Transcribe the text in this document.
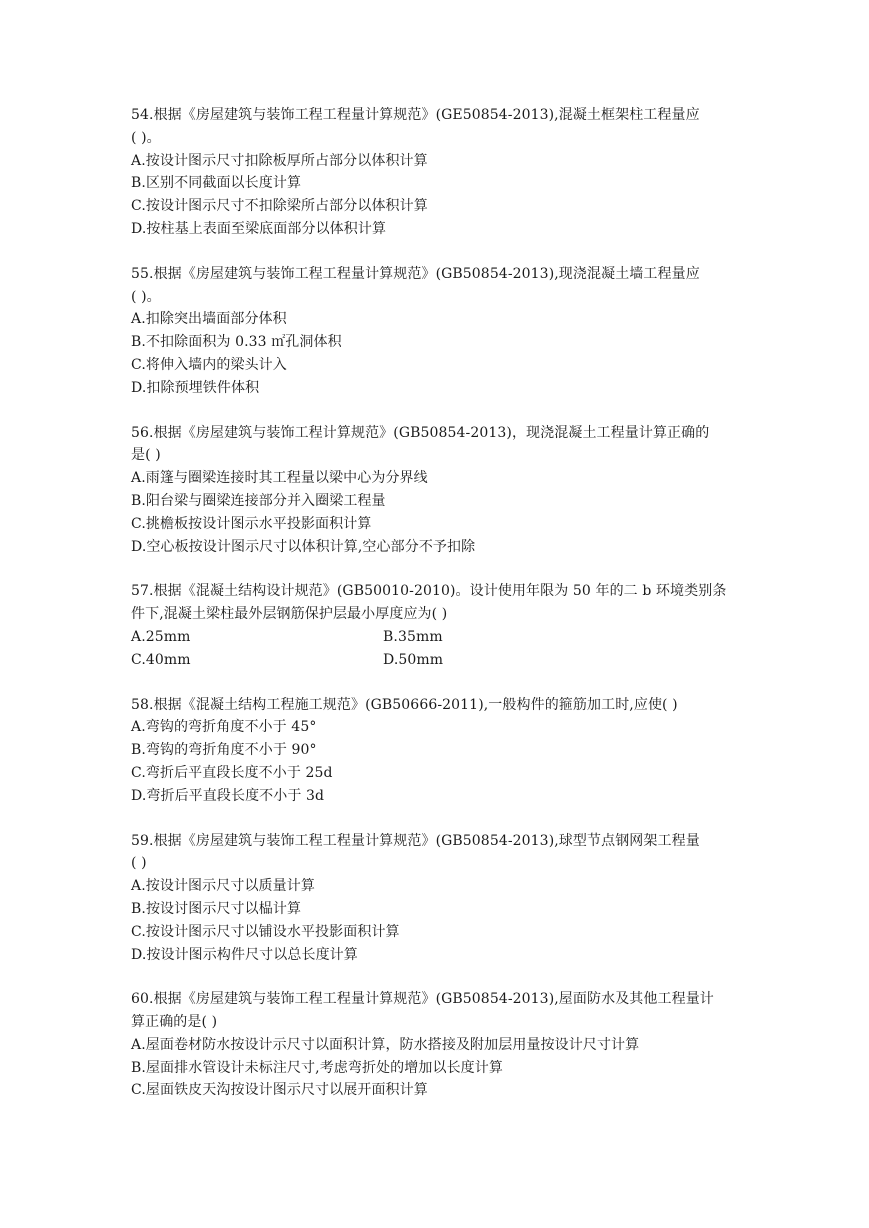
54.根据《房屋建筑与装饰工程工程量计算规范》(GE50854-2013),混凝土框架柱工程量应
( )。
A.按设计图示尺寸扣除板厚所占部分以体积计算
B.区别不同截面以长度计算
C.按设计图示尺寸不扣除梁所占部分以体积计算
D.按柱基上表面至梁底面部分以体积计算
55.根据《房屋建筑与装饰工程工程量计算规范》(GB50854-2013),现浇混凝土墙工程量应
( )。
A.扣除突出墙面部分体积
B.不扣除面积为 0.33 ㎡孔洞体积
C.将伸入墙内的梁头计入
D.扣除预埋铁件体积
56.根据《房屋建筑与装饰工程计算规范》(GB50854-2013)，现浇混凝土工程量计算正确的
是( )
A.雨篷与圈梁连接时其工程量以梁中心为分界线
B.阳台梁与圈梁连接部分并入圈梁工程量
C.挑檐板按设计图示水平投影面积计算
D.空心板按设计图示尺寸以体积计算,空心部分不予扣除
57.根据《混凝土结构设计规范》(GB50010-2010)。设计使用年限为 50 年的二 b 环境类别条
件下,混凝土梁柱最外层钢筋保护层最小厚度应为( )
A.25mm	B.35mm
C.40mm	D.50mm
58.根据《混凝土结构工程施工规范》(GB50666-2011),一般构件的箍筋加工时,应使( )
A.弯钩的弯折角度不小于 45°
B.弯钩的弯折角度不小于 90°
C.弯折后平直段长度不小于 25d
D.弯折后平直段长度不小于 3d
59.根据《房屋建筑与装饰工程工程量计算规范》(GB50854-2013),球型节点钢网架工程量
( )
A.按设计图示尺寸以质量计算
B.按设讨图示尺寸以榀计算
C.按设计图示尺寸以铺设水平投影面积计算
D.按设计图示构件尺寸以总长度计算
60.根据《房屋建筑与装饰工程工程量计算规范》(GB50854-2013),屋面防水及其他工程量计
算正确的是( )
A.屋面卷材防水按设计示尺寸以面积计算，防水搭接及附加层用量按设计尺寸计算
B.屋面排水管设计未标注尺寸,考虑弯折处的增加以长度计算
C.屋面铁皮天沟按设计图示尺寸以展开面积计算
